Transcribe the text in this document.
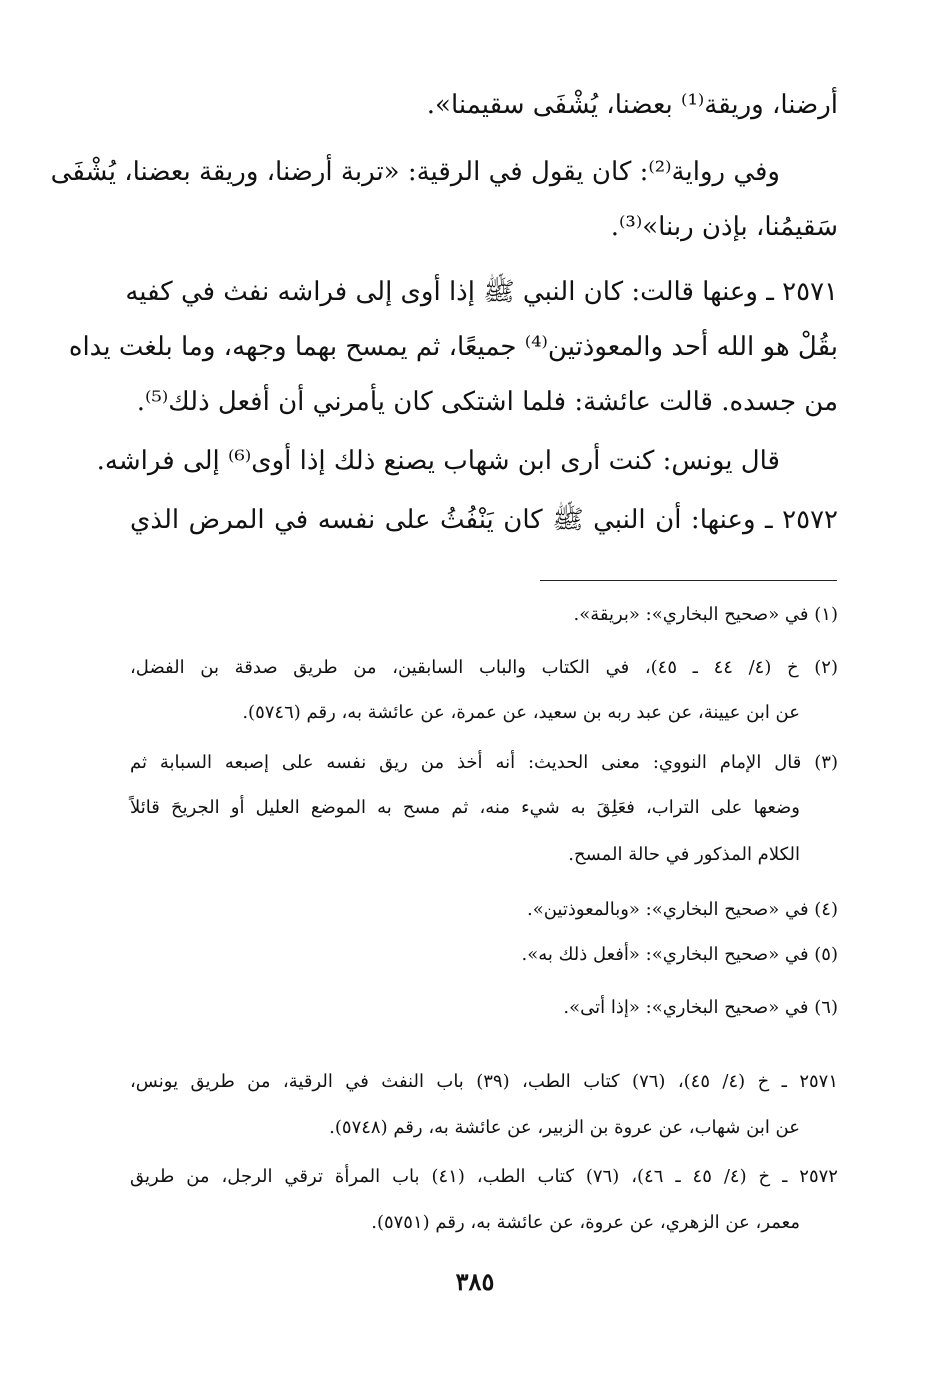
أرضنا، وريقة⁽¹⁾ بعضنا، يُشْفَى سقيمنا».
وفي رواية⁽²⁾: كان يقول في الرقية: «تربة أرضنا، وريقة بعضنا، يُشْفَى
سَقيمُنا، بإذن ربنا»⁽³⁾.
٢٥٧١ ـ وعنها قالت: كان النبي ﷺ إذا أوى إلى فراشه نفث في كفيه
بقُلْ هو الله أحد والمعوذتين⁽⁴⁾ جميعًا، ثم يمسح بهما وجهه، وما بلغت يداه
من جسده. قالت عائشة: فلما اشتكى كان يأمرني أن أفعل ذلك⁽⁵⁾.
قال يونس: كنت أرى ابن شهاب يصنع ذلك إذا أوى⁽⁶⁾ إلى فراشه.
٢٥٧٢ ـ وعنها: أن النبي ﷺ كان يَنْفُثُ على نفسه في المرض الذي
(١) في «صحيح البخاري»: «بريقة».
(٢) خ (٤/ ٤٤ ـ ٤٥)، في الكتاب والباب السابقين، من طريق صدقة بن الفضل،
عن ابن عيينة، عن عبد ربه بن سعيد، عن عمرة، عن عائشة به، رقم (٥٧٤٦).
(٣) قال الإمام النووي: معنى الحديث: أنه أخذ من ريق نفسه على إصبعه السبابة ثم
وضعها على التراب، فعَلِقَ به شيء منه، ثم مسح به الموضع العليل أو الجريحَ قائلاً
الكلام المذكور في حالة المسح.
(٤) في «صحيح البخاري»: «وبالمعوذتين».
(٥) في «صحيح البخاري»: «أفعل ذلك به».
(٦) في «صحيح البخاري»: «إذا أتى».
٢٥٧١ ـ خ (٤/ ٤٥)، (٧٦) كتاب الطب، (٣٩) باب النفث في الرقية، من طريق يونس،
عن ابن شهاب، عن عروة بن الزبير، عن عائشة به، رقم (٥٧٤٨).
٢٥٧٢ ـ خ (٤/ ٤٥ ـ ٤٦)، (٧٦) كتاب الطب، (٤١) باب المرأة ترقي الرجل، من طريق
معمر، عن الزهري، عن عروة، عن عائشة به، رقم (٥٧٥١).
٣٨٥
